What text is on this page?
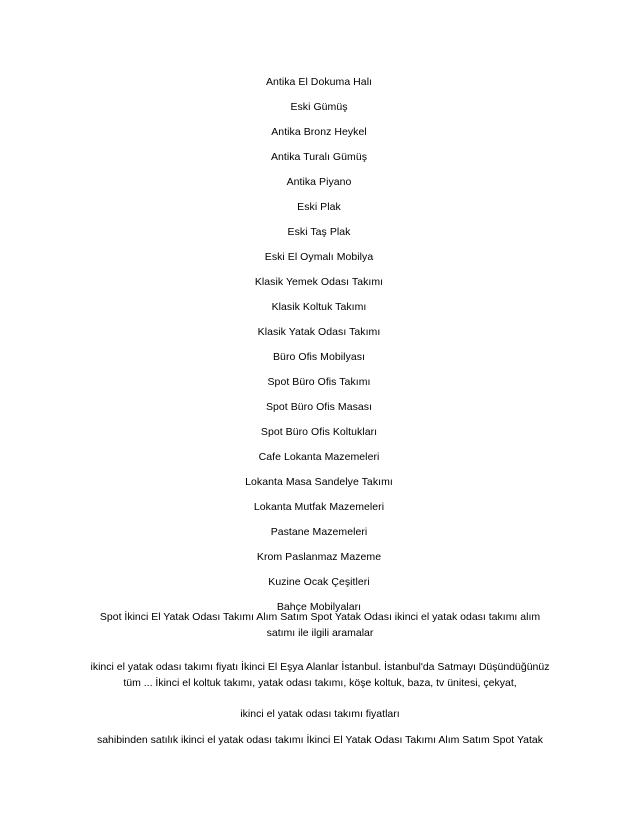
Antika El Dokuma Halı
Eski Gümüş
Antika Bronz Heykel
Antika Turalı Gümüş
Antika Piyano
Eski Plak
Eski Taş Plak
Eski El Oymalı Mobilya
Klasik Yemek Odası Takımı
Klasik Koltuk Takımı
Klasik Yatak Odası Takımı
Büro Ofis Mobilyası
Spot Büro Ofis Takımı
Spot Büro Ofis Masası
Spot Büro Ofis Koltukları
Cafe Lokanta Mazemeleri
Lokanta Masa Sandelye Takımı
Lokanta Mutfak Mazemeleri
Pastane Mazemeleri
Krom Paslanmaz Mazeme
Kuzine Ocak Çeşitleri
Bahçe Mobilyaları

Spot İkinci El Yatak Odası Takımı Alım Satım Spot Yatak Odası ikinci el yatak odası takımı alım satımı ile ilgili aramalar

ikinci el yatak odası takımı fiyatı İkinci El Eşya Alanlar İstanbul. İstanbul'da Satmayı Düşündüğünüz tüm ... İkinci el koltuk takımı, yatak odası takımı, köşe koltuk, baza, tv ünitesi, çekyat,

ikinci el yatak odası takımı fiyatları

sahibinden satılık ikinci el yatak odası takımı İkinci El Yatak Odası Takımı Alım Satım Spot Yatak
